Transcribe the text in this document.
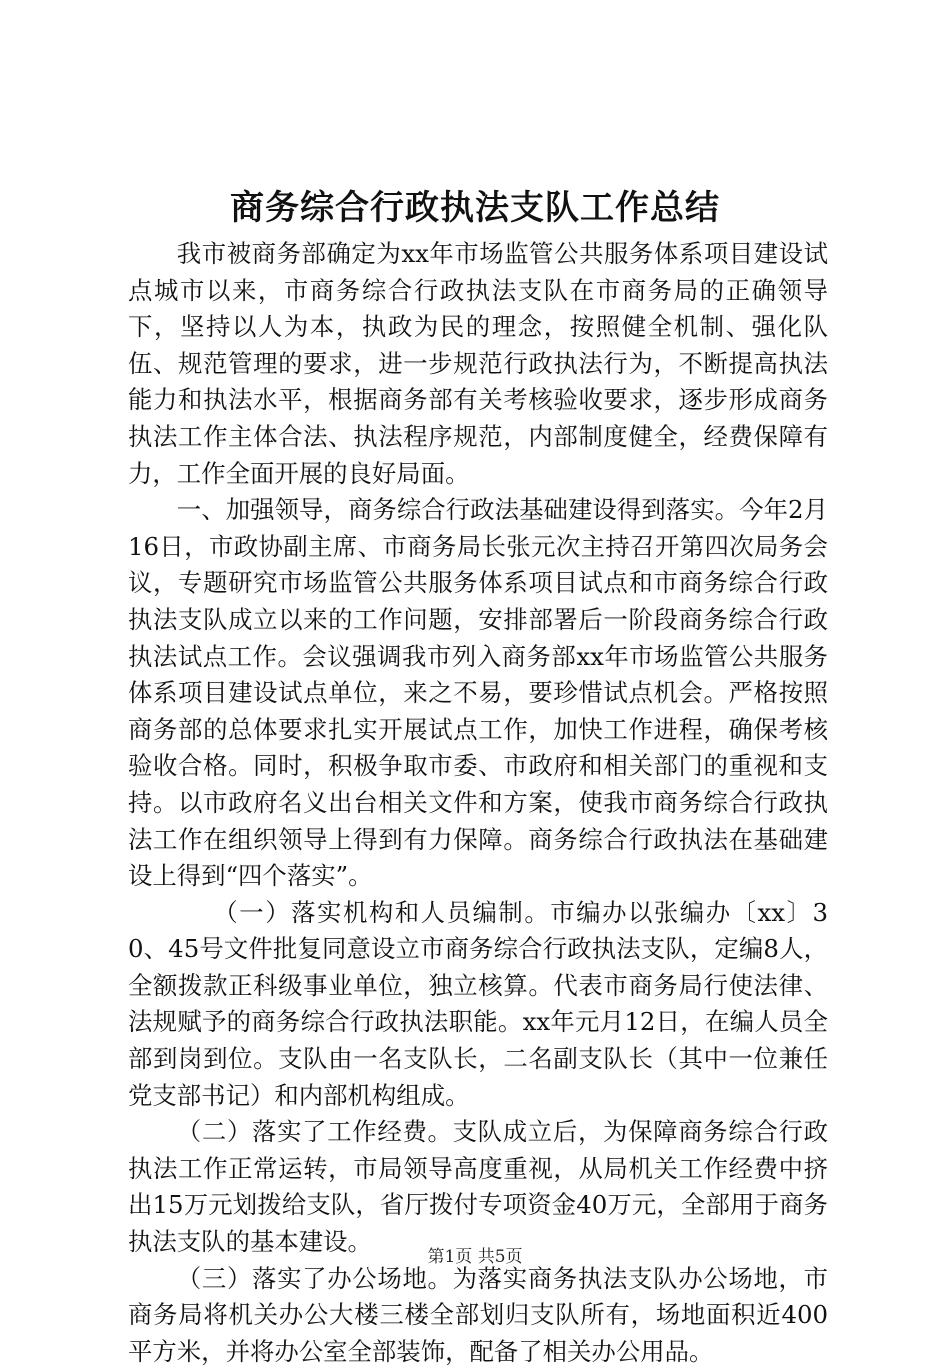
商务综合行政执法支队工作总结

我市被商务部确定为xx年市场监管公共服务体系项目建设试点城市以来，市商务综合行政执法支队在市商务局的正确领导下，坚持以人为本，执政为民的理念，按照健全机制、强化队伍、规范管理的要求，进一步规范行政执法行为，不断提高执法能力和执法水平，根据商务部有关考核验收要求，逐步形成商务执法工作主体合法、执法程序规范，内部制度健全，经费保障有力，工作全面开展的良好局面。

一、加强领导，商务综合行政法基础建设得到落实。今年2月16日，市政协副主席、市商务局长张元次主持召开第四次局务会议，专题研究市场监管公共服务体系项目试点和市商务综合行政执法支队成立以来的工作问题，安排部署后一阶段商务综合行政执法试点工作。会议强调我市列入商务部xx年市场监管公共服务体系项目建设试点单位，来之不易，要珍惜试点机会。严格按照商务部的总体要求扎实开展试点工作，加快工作进程，确保考核验收合格。同时，积极争取市委、市政府和相关部门的重视和支持。以市政府名义出台相关文件和方案，使我市商务综合行政执法工作在组织领导上得到有力保障。商务综合行政执法在基础建设上得到“四个落实”。

（一）落实机构和人员编制。市编办以张编办〔xx〕30、45号文件批复同意设立市商务综合行政执法支队，定编8人，全额拨款正科级事业单位，独立核算。代表市商务局行使法律、法规赋予的商务综合行政执法职能。xx年元月12日，在编人员全部到岗到位。支队由一名支队长，二名副支队长（其中一位兼任党支部书记）和内部机构组成。

（二）落实了工作经费。支队成立后，为保障商务综合行政执法工作正常运转，市局领导高度重视，从局机关工作经费中挤出15万元划拨给支队，省厅拨付专项资金40万元，全部用于商务执法支队的基本建设。

（三）落实了办公场地。为落实商务执法支队办公场地，市商务局将机关办公大楼三楼全部划归支队所有，场地面积近400平方米，并将办公室全部装饰，配备了相关办公用品。

第1页 共5页
